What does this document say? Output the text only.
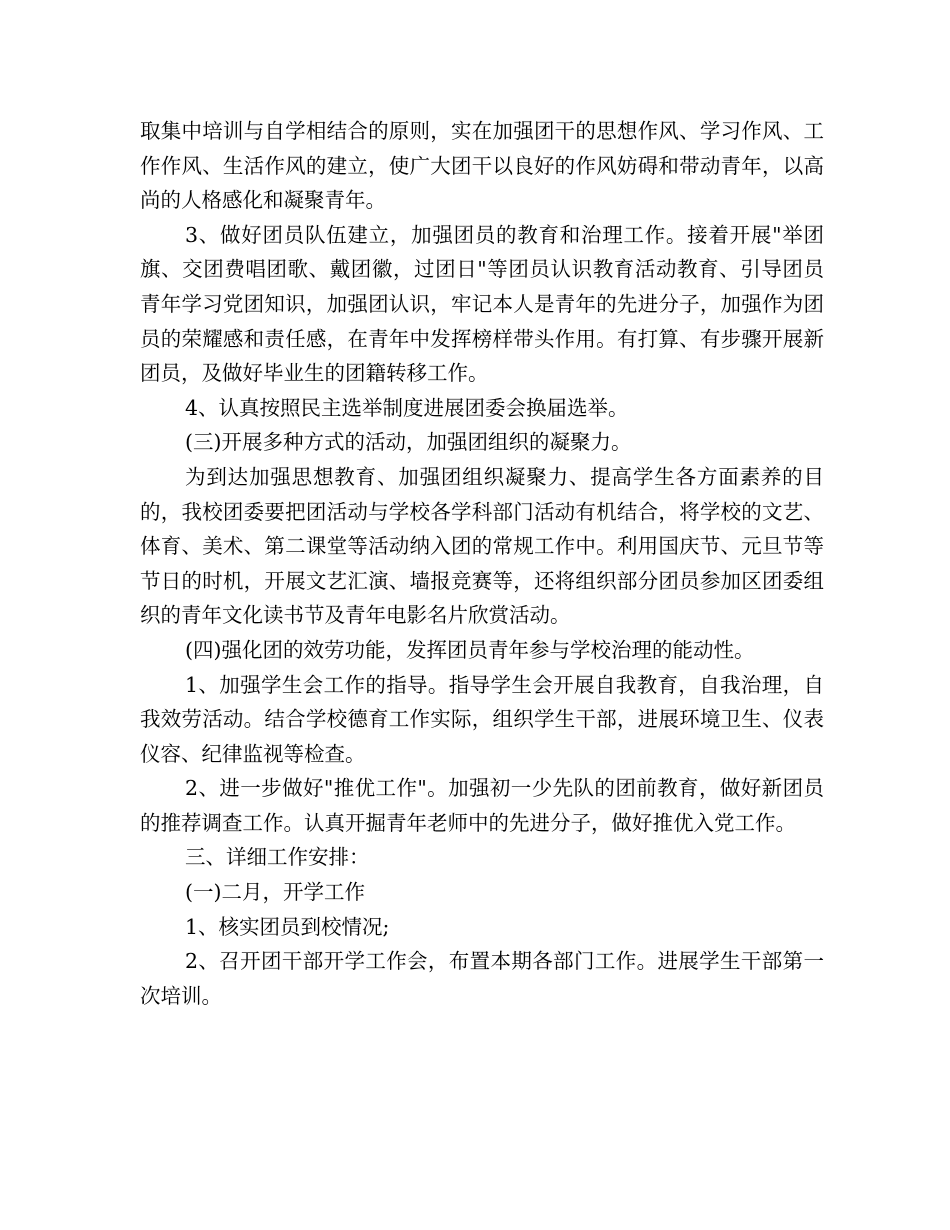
取集中培训与自学相结合的原则，实在加强团干的思想作风、学习作风、工作作风、生活作风的建立，使广大团干以良好的作风妨碍和带动青年，以高尚的人格感化和凝聚青年。

3、做好团员队伍建立，加强团员的教育和治理工作。接着开展"举团旗、交团费唱团歌、戴团徽，过团日"等团员认识教育活动教育、引导团员青年学习党团知识，加强团认识，牢记本人是青年的先进分子，加强作为团员的荣耀感和责任感，在青年中发挥榜样带头作用。有打算、有步骤开展新团员，及做好毕业生的团籍转移工作。

4、认真按照民主选举制度进展团委会换届选举。

(三)开展多种方式的活动，加强团组织的凝聚力。

为到达加强思想教育、加强团组织凝聚力、提高学生各方面素养的目的，我校团委要把团活动与学校各学科部门活动有机结合，将学校的文艺、体育、美术、第二课堂等活动纳入团的常规工作中。利用国庆节、元旦节等节日的时机，开展文艺汇演、墙报竞赛等，还将组织部分团员参加区团委组织的青年文化读书节及青年电影名片欣赏活动。

(四)强化团的效劳功能，发挥团员青年参与学校治理的能动性。

1、加强学生会工作的指导。指导学生会开展自我教育，自我治理，自我效劳活动。结合学校德育工作实际，组织学生干部，进展环境卫生、仪表仪容、纪律监视等检查。

2、进一步做好"推优工作"。加强初一少先队的团前教育，做好新团员的推荐调查工作。认真开掘青年老师中的先进分子，做好推优入党工作。

三、详细工作安排：

(一)二月，开学工作

1、核实团员到校情况;

2、召开团干部开学工作会，布置本期各部门工作。进展学生干部第一次培训。
